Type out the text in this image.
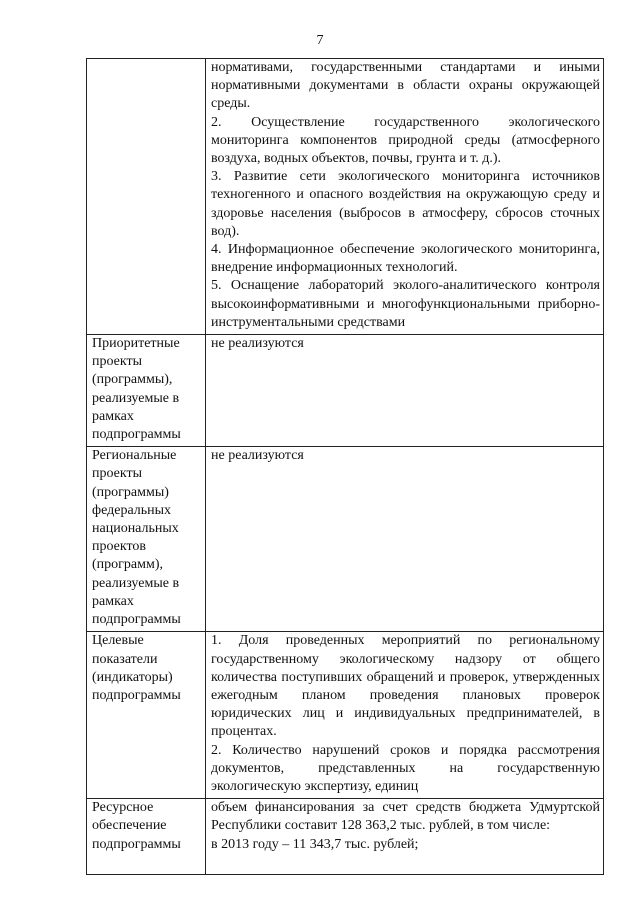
7

	нормативами, государственными стандартами и иными нормативными документами в области охраны окружающей среды.
2. Осуществление государственного экологического мониторинга компонентов природной среды (атмосферного воздуха, водных объектов, почвы, грунта и т. д.).
3. Развитие сети экологического мониторинга источников техногенного и опасного воздействия на окружающую среду и здоровье населения (выбросов в атмосферу, сбросов сточных вод).
4. Информационное обеспечение экологического мониторинга, внедрение информационных технологий.
5. Оснащение лабораторий эколого-аналитического контроля высокоинформативными и многофункциональными приборно-инструментальными средствами

Приоритетные проекты (программы), реализуемые в рамках подпрограммы	не реализуются

Региональные проекты (программы) федеральных национальных проектов (программ), реализуемые в рамках подпрограммы	не реализуются

Целевые показатели (индикаторы) подпрограммы	1. Доля проведенных мероприятий по региональному государственному экологическому надзору от общего количества поступивших обращений и проверок, утвержденных ежегодным планом проведения плановых проверок юридических лиц и индивидуальных предпринимателей, в процентах.
2. Количество нарушений сроков и порядка рассмотрения документов, представленных на государственную экологическую экспертизу, единиц

Ресурсное обеспечение подпрограммы	объем финансирования за счет средств бюджета Удмуртской Республики составит 128 363,2 тыс. рублей, в том числе:
в 2013 году – 11 343,7 тыс. рублей;
